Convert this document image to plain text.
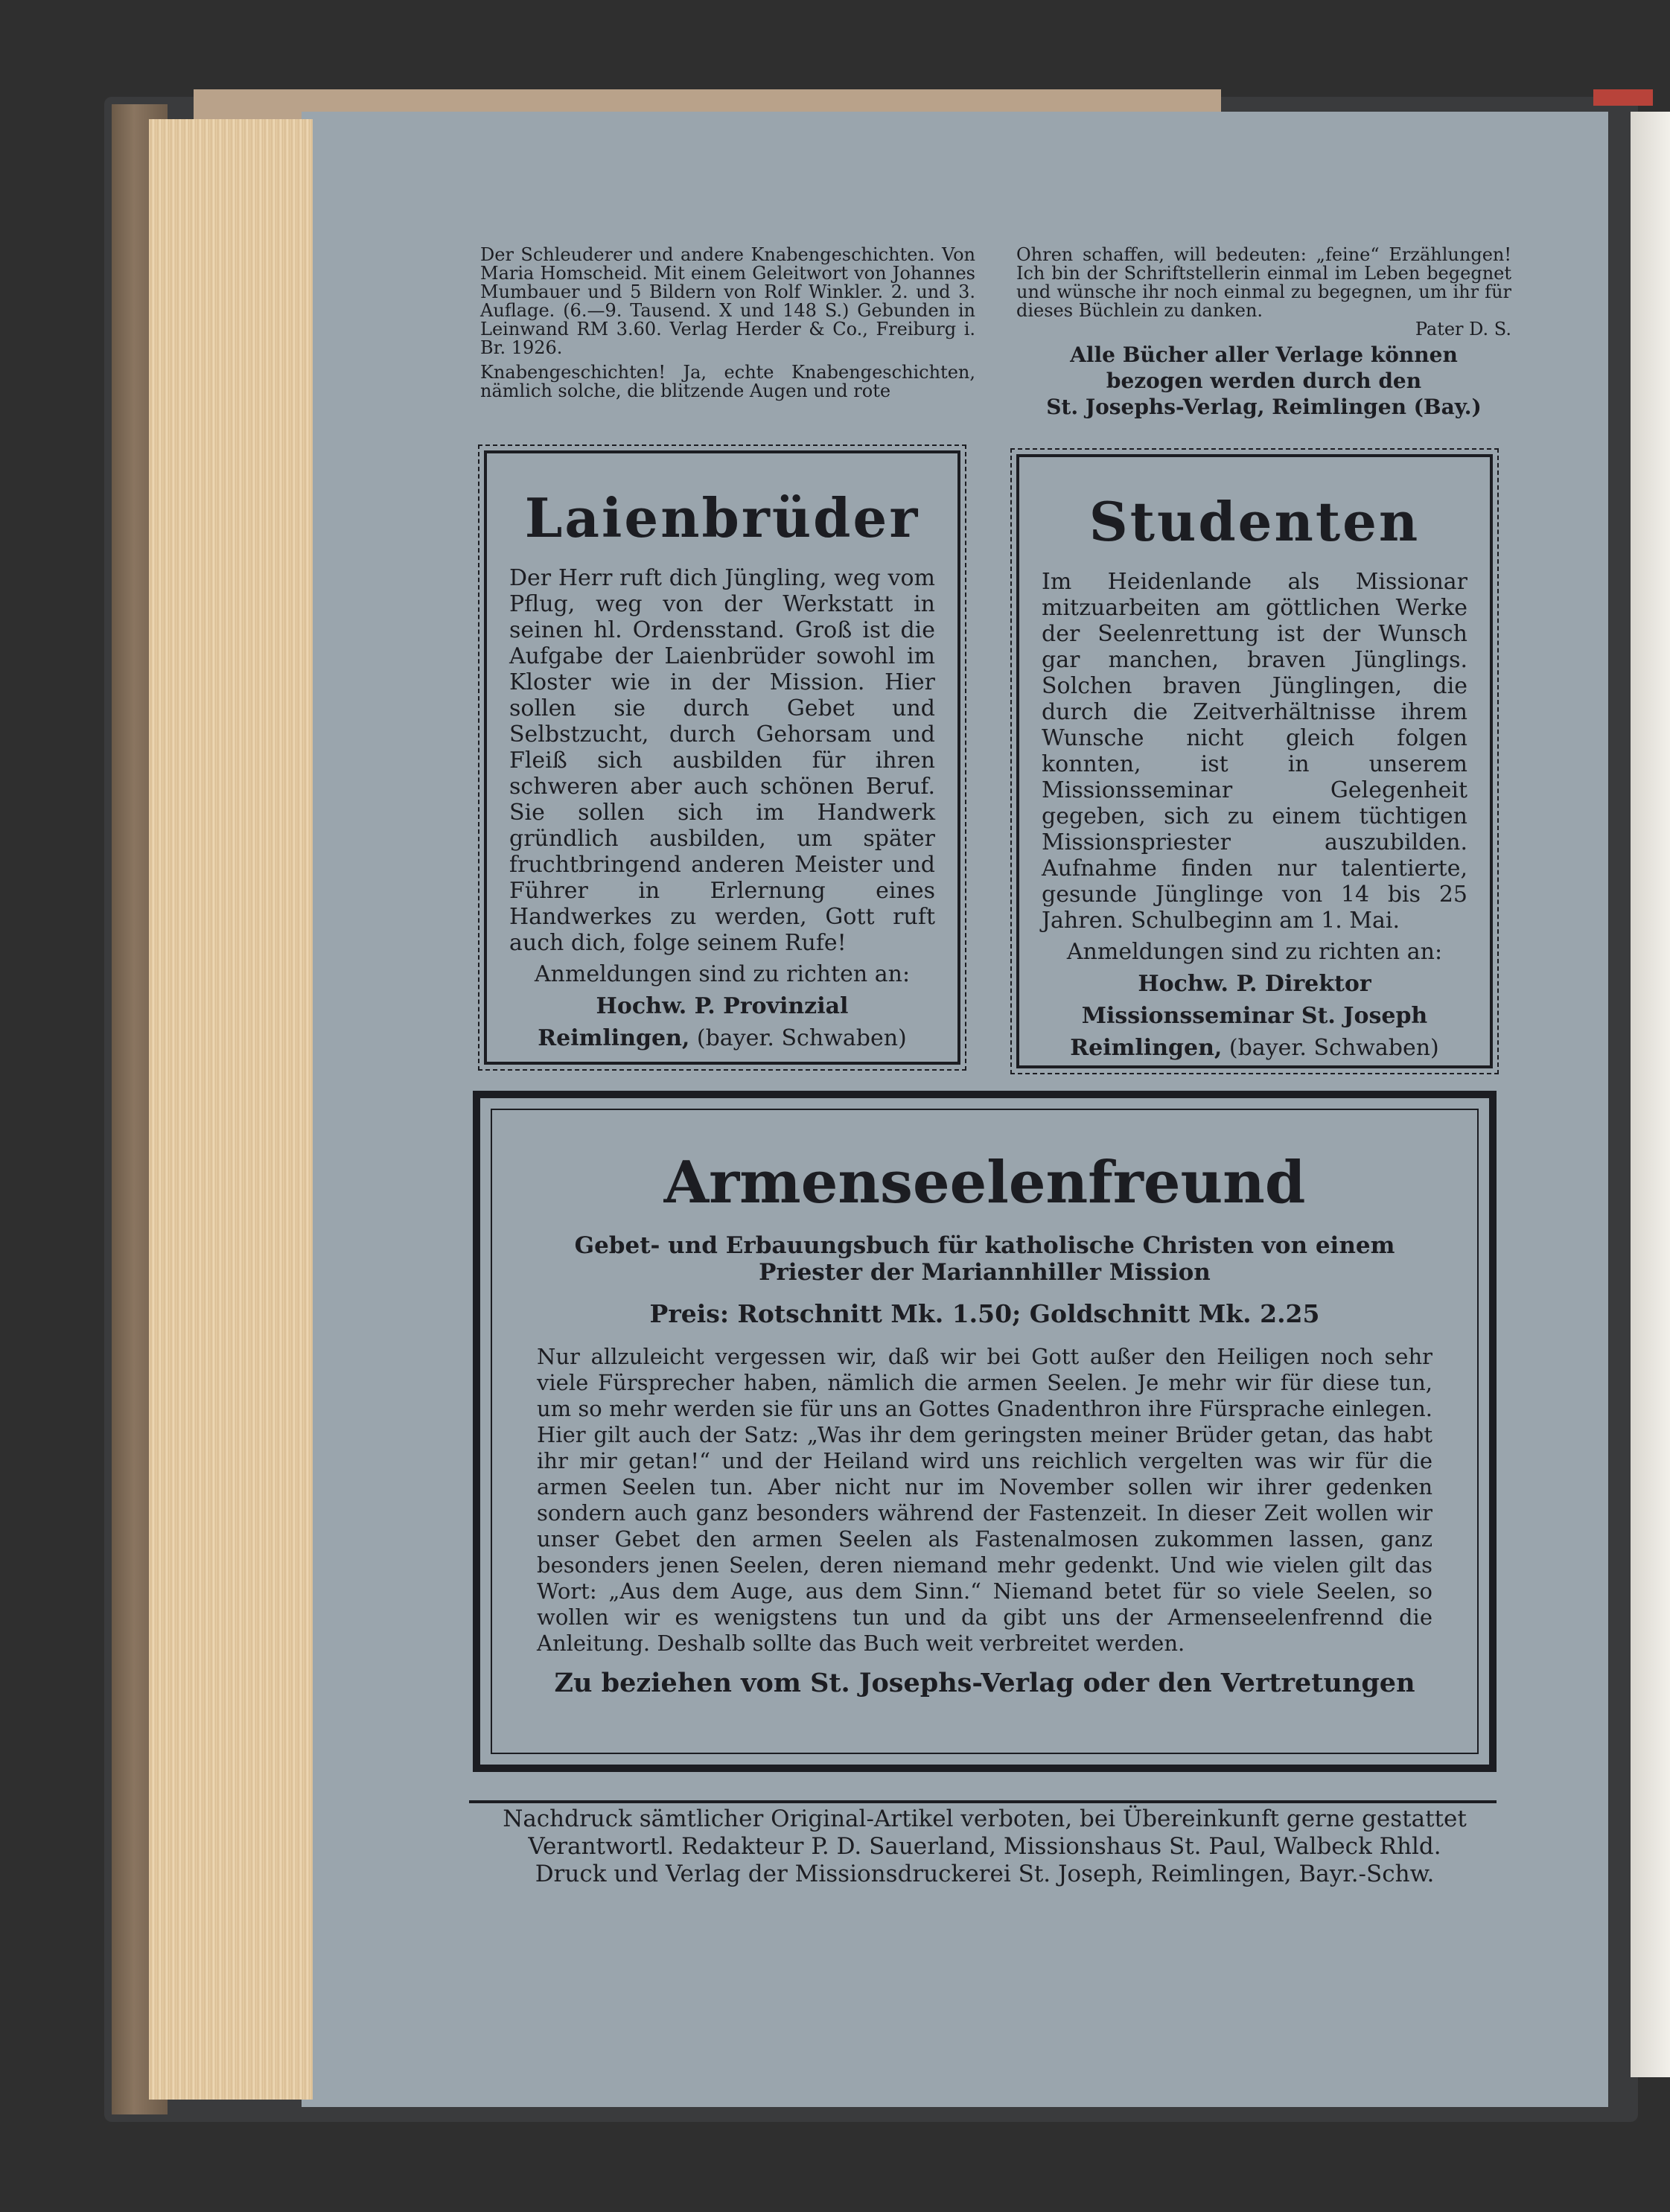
Der Schleuderer und andere Knabengeschichten. Von Maria Homscheid. Mit einem Geleitwort von Johannes Mumbauer und 5 Bildern von Rolf Winkler. 2. und 3. Auflage. (6.—9. Tausend. X und 148 S.) Gebunden in Leinwand RM 3.60. Verlag Herder & Co., Freiburg i. Br. 1926.

Knabengeschichten! Ja, echte Knabengeschichten, nämlich solche, die blitzende Augen und rote

Ohren schaffen, will bedeuten: „feine“ Erzählungen! Ich bin der Schriftstellerin einmal im Leben begegnet und wünsche ihr noch einmal zu begegnen, um ihr für dieses Büchlein zu danken.

Pater D. S.

Alle Bücher aller Verlage können

bezogen werden durch den

St. Josephs-Verlag, Reimlingen (Bay.)

Laienbrüder
Der Herr ruft dich Jüngling, weg vom Pflug, weg von der Werkstatt in seinen hl. Ordensstand. Groß ist die Aufgabe der Laienbrüder sowohl im Kloster wie in der Mission. Hier sollen sie durch Gebet und Selbstzucht, durch Gehorsam und Fleiß sich ausbilden für ihren schweren aber auch schönen Beruf. Sie sollen sich im Handwerk gründlich ausbilden, um später fruchtbringend anderen Meister und Führer in Erlernung eines Handwerkes zu werden, Gott ruft auch dich, folge seinem Rufe!
Anmeldungen sind zu richten an:
Hochw. P. Provinzial
Reimlingen, (bayer. Schwaben)
Studenten
Im Heidenlande als Missionar mitzuarbeiten am göttlichen Werke der Seelenrettung ist der Wunsch gar manchen, braven Jünglings. Solchen braven Jünglingen, die durch die Zeitverhältnisse ihrem Wunsche nicht gleich folgen konnten, ist in unserem Missionsseminar Gelegenheit gegeben, sich zu einem tüchtigen Missionspriester auszubilden. Aufnahme finden nur talentierte, gesunde Jünglinge von 14 bis 25 Jahren. Schulbeginn am 1. Mai.
Anmeldungen sind zu richten an:
Hochw. P. Direktor
Missionsseminar St. Joseph
Reimlingen, (bayer. Schwaben)
Armenseelenfreund
Gebet- und Erbauungsbuch für katholische Christen von einem Priester der Mariannhiller Mission
Preis: Rotschnitt Mk. 1.50; Goldschnitt Mk. 2.25
Nur allzuleicht vergessen wir, daß wir bei Gott außer den Heiligen noch sehr viele Fürsprecher haben, nämlich die armen Seelen. Je mehr wir für diese tun, um so mehr werden sie für uns an Gottes Gnadenthron ihre Fürsprache einlegen. Hier gilt auch der Satz: „Was ihr dem geringsten meiner Brüder getan, das habt ihr mir getan!“ und der Heiland wird uns reichlich vergelten was wir für die armen Seelen tun. Aber nicht nur im November sollen wir ihrer gedenken sondern auch ganz besonders während der Fastenzeit. In dieser Zeit wollen wir unser Gebet den armen Seelen als Fastenalmosen zukommen lassen, ganz besonders jenen Seelen, deren niemand mehr gedenkt. Und wie vielen gilt das Wort: „Aus dem Auge, aus dem Sinn.“ Niemand betet für so viele Seelen, so wollen wir es wenigstens tun und da gibt uns der Armenseelenfrennd die Anleitung. Deshalb sollte das Buch weit verbreitet werden.
Zu beziehen vom St. Josephs-Verlag oder den Vertretungen
Nachdruck sämtlicher Original-Artikel verboten, bei Übereinkunft gerne gestattet
Verantwortl. Redakteur P. D. Sauerland, Missionshaus St. Paul, Walbeck Rhld.
Druck und Verlag der Missionsdruckerei St. Joseph, Reimlingen, Bayr.-Schw.
